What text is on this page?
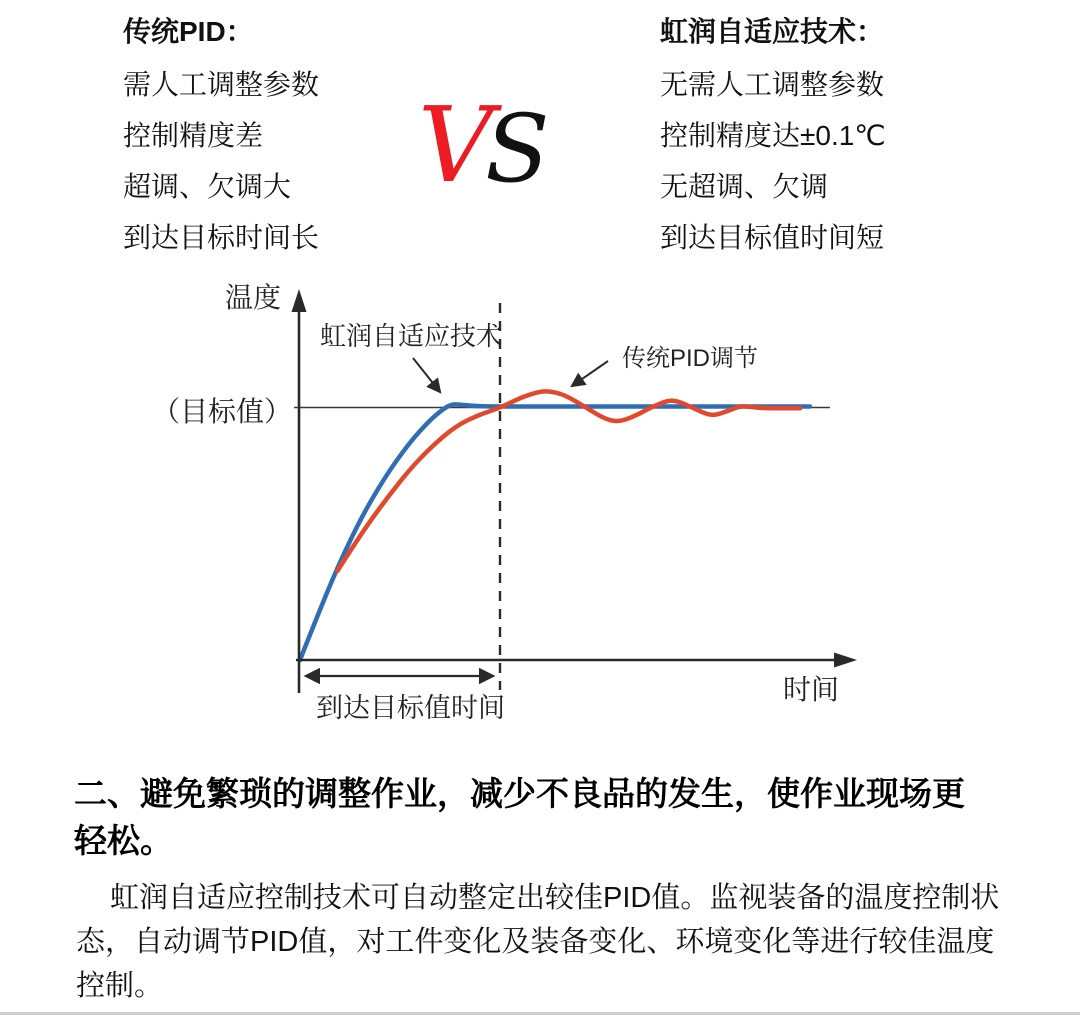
传统PID：
需人工调整参数
控制精度差
超调、欠调大
到达目标时间长
VS
虹润自适应技术：
无需人工调整参数
控制精度达±0.1℃
无超调、欠调
到达目标值时间短
温度
（目标值）
虹润自适应技术
传统PID调节
时间
到达目标值时间
二、避免繁琐的调整作业，减少不良品的发生，使作业现场更轻松。
虹润自适应控制技术可自动整定出较佳PID值。监视装备的温度控制状态，自动调节PID值，对工件变化及装备变化、环境变化等进行较佳温度控制。
